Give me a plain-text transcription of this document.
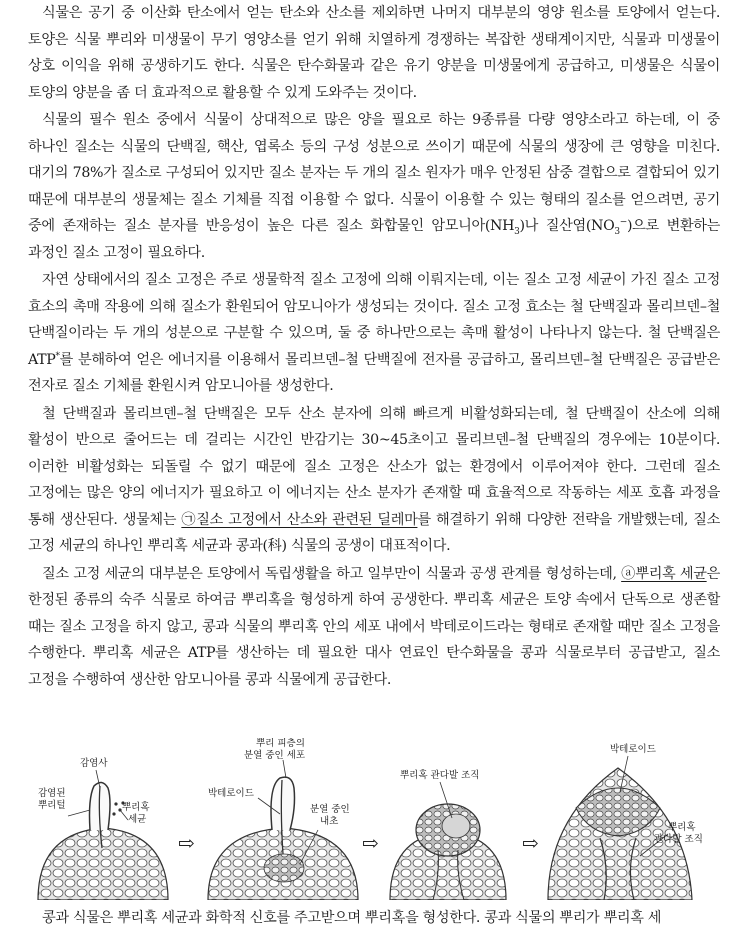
식물은 공기 중 이산화 탄소에서 얻는 탄소와 산소를 제외하면 나머지 대부분의 영양 원소를 토양에서 얻는다. 토양은 식물 뿌리와 미생물이 무기 영양소를 얻기 위해 치열하게 경쟁하는 복잡한 생태계이지만, 식물과 미생물이 상호 이익을 위해 공생하기도 한다. 식물은 탄수화물과 같은 유기 양분을 미생물에게 공급하고, 미생물은 식물이 토양의 양분을 좀 더 효과적으로 활용할 수 있게 도와주는 것이다.

식물의 필수 원소 중에서 식물이 상대적으로 많은 양을 필요로 하는 9종류를 다량 영양소라고 하는데, 이 중 하나인 질소는 식물의 단백질, 핵산, 엽록소 등의 구성 성분으로 쓰이기 때문에 식물의 생장에 큰 영향을 미친다. 대기의 78%가 질소로 구성되어 있지만 질소 분자는 두 개의 질소 원자가 매우 안정된 삼중 결합으로 결합되어 있기 때문에 대부분의 생물체는 질소 기체를 직접 이용할 수 없다. 식물이 이용할 수 있는 형태의 질소를 얻으려면, 공기 중에 존재하는 질소 분자를 반응성이 높은 다른 질소 화합물인 암모니아$(NH_3)$나 질산염$(NO_3^-)$으로 변환하는 과정인 질소 고정이 필요하다.

자연 상태에서의 질소 고정은 주로 생물학적 질소 고정에 의해 이뤄지는데, 이는 질소 고정 세균이 가진 질소 고정 효소의 촉매 작용에 의해 질소가 환원되어 암모니아가 생성되는 것이다. 질소 고정 효소는 철 단백질과 몰리브덴–철 단백질이라는 두 개의 성분으로 구분할 수 있으며, 둘 중 하나만으로는 촉매 활성이 나타나지 않는다. 철 단백질은 ATP*를 분해하여 얻은 에너지를 이용해서 몰리브덴–철 단백질에 전자를 공급하고, 몰리브덴–철 단백질은 공급받은 전자로 질소 기체를 환원시켜 암모니아를 생성한다.

철 단백질과 몰리브덴–철 단백질은 모두 산소 분자에 의해 빠르게 비활성화되는데, 철 단백질이 산소에 의해 활성이 반으로 줄어드는 데 걸리는 시간인 반감기는 30~45초이고 몰리브덴–철 단백질의 경우에는 10분이다. 이러한 비활성화는 되돌릴 수 없기 때문에 질소 고정은 산소가 없는 환경에서 이루어져야 한다. 그런데 질소 고정에는 많은 양의 에너지가 필요하고 이 에너지는 산소 분자가 존재할 때 효율적으로 작동하는 세포 호흡 과정을 통해 생산된다. 생물체는 ㉠질소 고정에서 산소와 관련된 딜레마를 해결하기 위해 다양한 전략을 개발했는데, 질소 고정 세균의 하나인 뿌리혹 세균과 콩과(科) 식물의 공생이 대표적이다.

질소 고정 세균의 대부분은 토양에서 독립생활을 하고 일부만이 식물과 공생 관계를 형성하는데, ⓐ뿌리혹 세균은 한정된 종류의 숙주 식물로 하여금 뿌리혹을 형성하게 하여 공생한다. 뿌리혹 세균은 토양 속에서 단독으로 생존할 때는 질소 고정을 하지 않고, 콩과 식물의 뿌리혹 안의 세포 내에서 박테로이드라는 형태로 존재할 때만 질소 고정을 수행한다. 뿌리혹 세균은 ATP를 생산하는 데 필요한 대사 연료인 탄수화물을 콩과 식물로부터 공급받고, 질소 고정을 수행하여 생산한 암모니아를 콩과 식물에게 공급한다.

감염사
감염된
뿌리털	뿌리혹
세균
⇨
뿌리 피층의
분열 중인 세포
박테로이드
분열 중인
내초
⇨
뿌리혹 관다발 조직
⇨
박테로이드
뿌리혹
관다발 조직
콩과 식물은 뿌리혹 세균과 화학적 신호를 주고받으며 뿌리혹을 형성한다. 콩과 식물의 뿌리가 뿌리혹 세
